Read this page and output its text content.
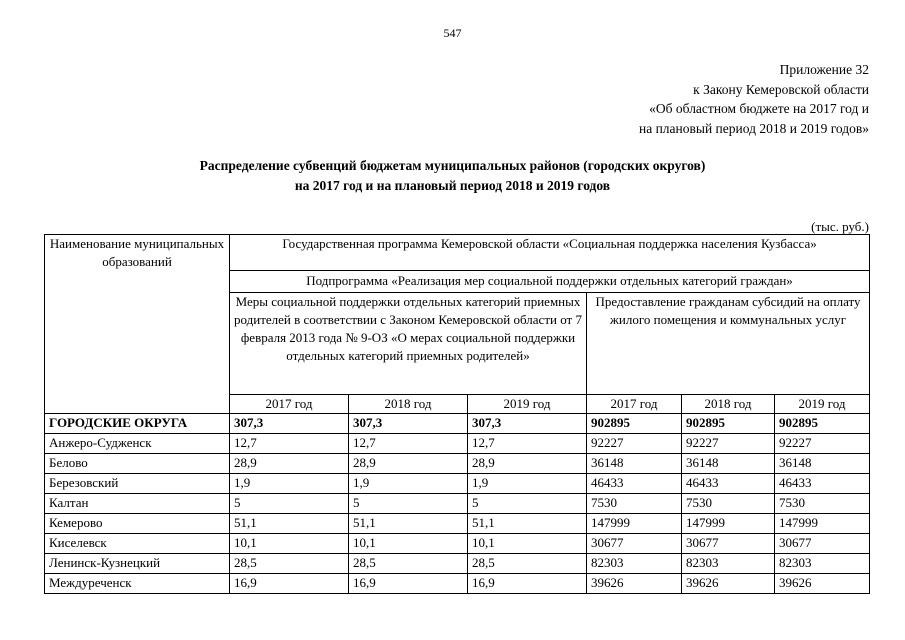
547
Приложение 32
к Закону Кемеровской области
«Об областном бюджете на 2017 год и
на плановый период 2018 и 2019 годов»
Распределение субвенций бюджетам муниципальных районов (городских округов)
на 2017 год и на плановый период 2018 и 2019 годов
(тыс. руб.)
Наименование муниципальных образований	Государственная программа Кемеровской области «Социальная поддержка населения Кузбасса»					
	Подпрограмма «Реализация мер социальной поддержки отдельных категорий граждан»					
	Меры социальной поддержки отдельных категорий приемных родителей в соответствии с Законом Кемеровской области от 7 февраля 2013 года № 9-ОЗ «О мерах социальной поддержки отдельных категорий приемных родителей»			Предоставление гражданам субсидий на оплату жилого помещения и коммунальных услуг		
	2017 год	2018 год	2019 год	2017 год	2018 год	2019 год
ГОРОДСКИЕ ОКРУГА	307,3	307,3	307,3	902895	902895	902895
Анжеро-Судженск	12,7	12,7	12,7	92227	92227	92227
Белово	28,9	28,9	28,9	36148	36148	36148
Березовский	1,9	1,9	1,9	46433	46433	46433
Калтан	5	5	5	7530	7530	7530
Кемерово	51,1	51,1	51,1	147999	147999	147999
Киселевск	10,1	10,1	10,1	30677	30677	30677
Ленинск-Кузнецкий	28,5	28,5	28,5	82303	82303	82303
Междуреченск	16,9	16,9	16,9	39626	39626	39626
